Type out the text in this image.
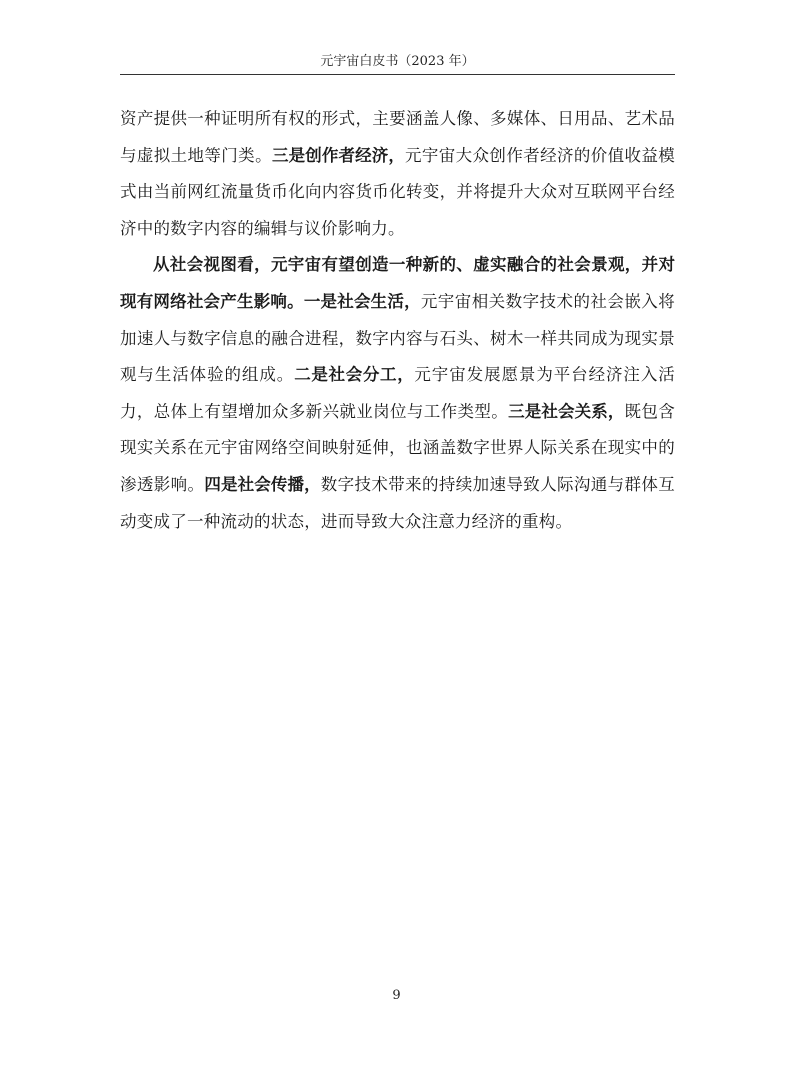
元宇宙白皮书（2023 年）

资产提供一种证明所有权的形式，主要涵盖人像、多媒体、日用品、艺术品与虚拟土地等门类。三是创作者经济，元宇宙大众创作者经济的价值收益模式由当前网红流量货币化向内容货币化转变，并将提升大众对互联网平台经济中的数字内容的编辑与议价影响力。

从社会视图看，元宇宙有望创造一种新的、虚实融合的社会景观，并对现有网络社会产生影响。一是社会生活，元宇宙相关数字技术的社会嵌入将加速人与数字信息的融合进程，数字内容与石头、树木一样共同成为现实景观与生活体验的组成。二是社会分工，元宇宙发展愿景为平台经济注入活力，总体上有望增加众多新兴就业岗位与工作类型。三是社会关系，既包含现实关系在元宇宙网络空间映射延伸，也涵盖数字世界人际关系在现实中的渗透影响。四是社会传播，数字技术带来的持续加速导致人际沟通与群体互动变成了一种流动的状态，进而导致大众注意力经济的重构。

9
